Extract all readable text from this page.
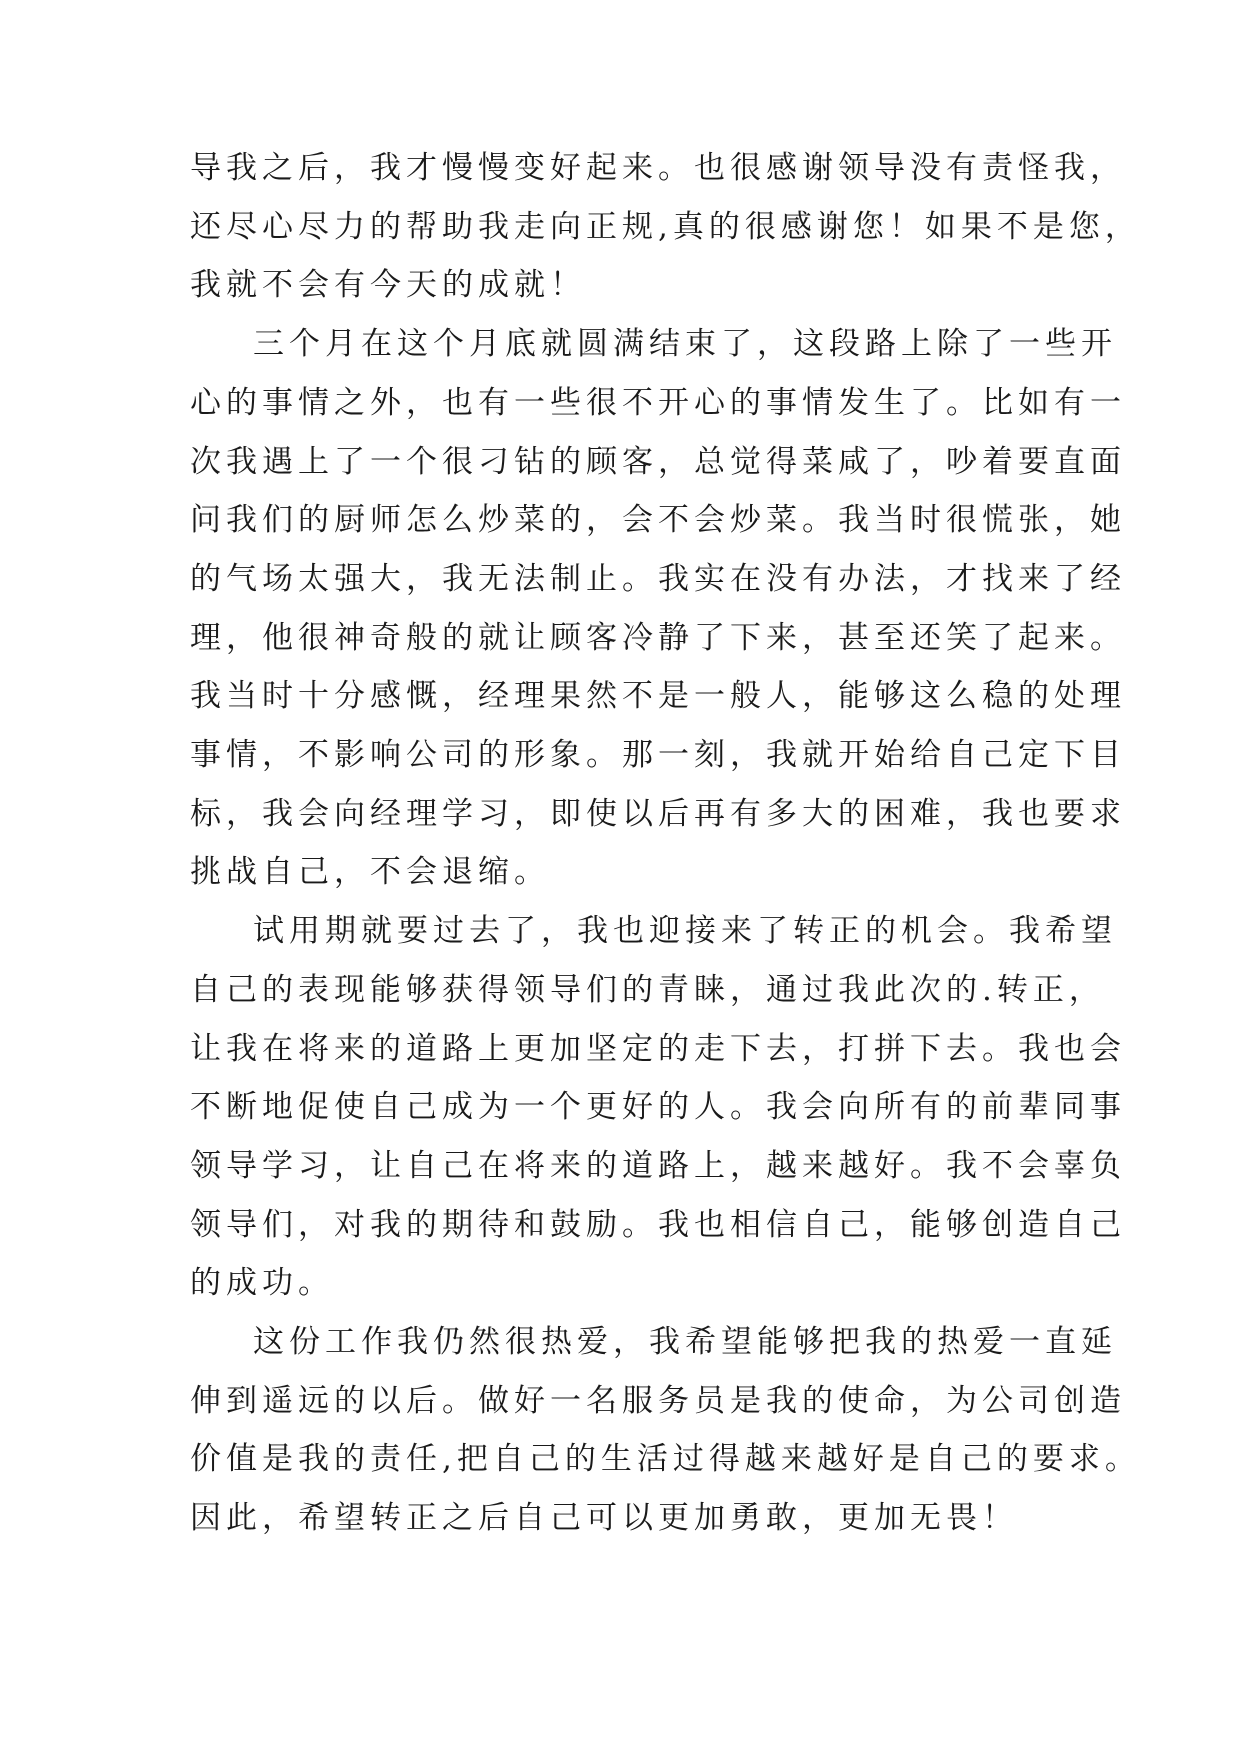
导我之后，我才慢慢变好起来。也很感谢领导没有责怪我，
还尽心尽力的帮助我走向正规,真的很感谢您！如果不是您，
我就不会有今天的成就！
三个月在这个月底就圆满结束了，这段路上除了一些开
心的事情之外，也有一些很不开心的事情发生了。比如有一
次我遇上了一个很刁钻的顾客，总觉得菜咸了，吵着要直面
问我们的厨师怎么炒菜的，会不会炒菜。我当时很慌张，她
的气场太强大，我无法制止。我实在没有办法，才找来了经
理，他很神奇般的就让顾客冷静了下来，甚至还笑了起来。
我当时十分感慨，经理果然不是一般人，能够这么稳的处理
事情，不影响公司的形象。那一刻，我就开始给自己定下目
标，我会向经理学习，即使以后再有多大的困难，我也要求
挑战自己，不会退缩。
试用期就要过去了，我也迎接来了转正的机会。我希望
自己的表现能够获得领导们的青睐，通过我此次的.转正，
让我在将来的道路上更加坚定的走下去，打拼下去。我也会
不断地促使自己成为一个更好的人。我会向所有的前辈同事
领导学习，让自己在将来的道路上，越来越好。我不会辜负
领导们，对我的期待和鼓励。我也相信自己，能够创造自己
的成功。
这份工作我仍然很热爱，我希望能够把我的热爱一直延
伸到遥远的以后。做好一名服务员是我的使命，为公司创造
价值是我的责任,把自己的生活过得越来越好是自己的要求。
因此，希望转正之后自己可以更加勇敢，更加无畏！
